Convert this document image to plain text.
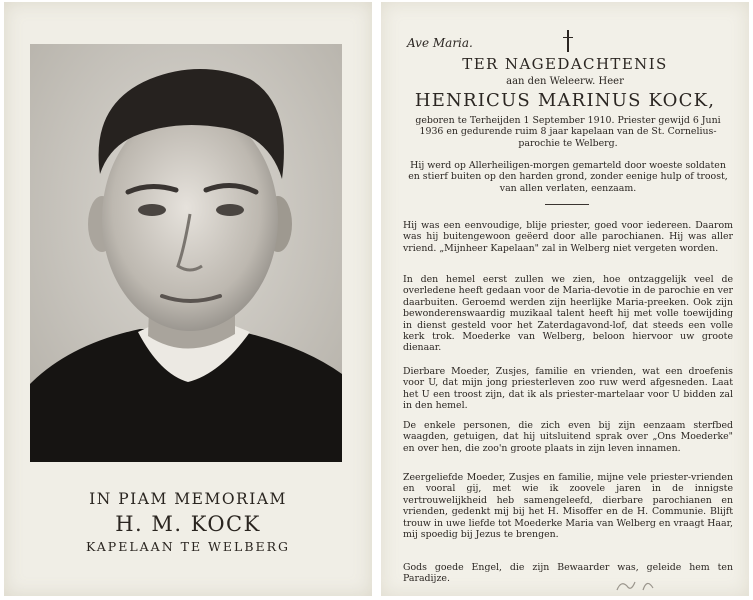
IN PIAM MEMORIAM
H. M. KOCK
KAPELAAN TE WELBERG
Ave Maria.
TER NAGEDACHTENIS
aan den Weleerw. Heer
HENRICUS MARINUS KOCK,
geboren te Terheijden 1 September 1910. Priester gewijd 6 Juni 1936 en gedurende ruim 8 jaar kapelaan van de St. Cornelius-parochie te Welberg.
Hij werd op Allerheiligen-morgen gemarteld door woeste soldaten en stierf buiten op den harden grond, zonder eenige hulp of troost, van allen verlaten, eenzaam.
Hij was een eenvoudige, blije priester, goed voor iedereen. Daarom was hij buitengewoon geëerd door alle parochianen. Hij was aller vriend. „Mijnheer Kapelaan" zal in Welberg niet vergeten worden.
In den hemel eerst zullen we zien, hoe ontzaggelijk veel de overledene heeft gedaan voor de Maria-devotie in de parochie en ver daarbuiten. Geroemd werden zijn heerlijke Maria-preeken. Ook zijn bewonderenswaardig muzikaal talent heeft hij met volle toewijding in dienst gesteld voor het Zaterdagavond-lof, dat steeds een volle kerk trok. Moederke van Welberg, beloon hiervoor uw groote dienaar.
Dierbare Moeder, Zusjes, familie en vrienden, wat een droefenis voor U, dat mijn jong priesterleven zoo ruw werd afgesneden. Laat het U een troost zijn, dat ik als priester-martelaar voor U bidden zal in den hemel.
De enkele personen, die zich even bij zijn eenzaam sterfbed waagden, getuigen, dat hij uitsluitend sprak over „Ons Moederke" en over hen, die zoo'n groote plaats in zijn leven innamen.
Zeergeliefde Moeder, Zusjes en familie, mijne vele priester-vrienden en vooral gij, met wie ik zoovele jaren in de innigste vertrouwelijkheid heb samengeleefd, dierbare parochianen en vrienden, gedenkt mij bij het H. Misoffer en de H. Communie. Blijft trouw in uwe liefde tot Moederke Maria van Welberg en vraagt Haar, mij spoedig bij Jezus te brengen.
Gods goede Engel, die zijn Bewaarder was, geleide hem ten Paradijze.
